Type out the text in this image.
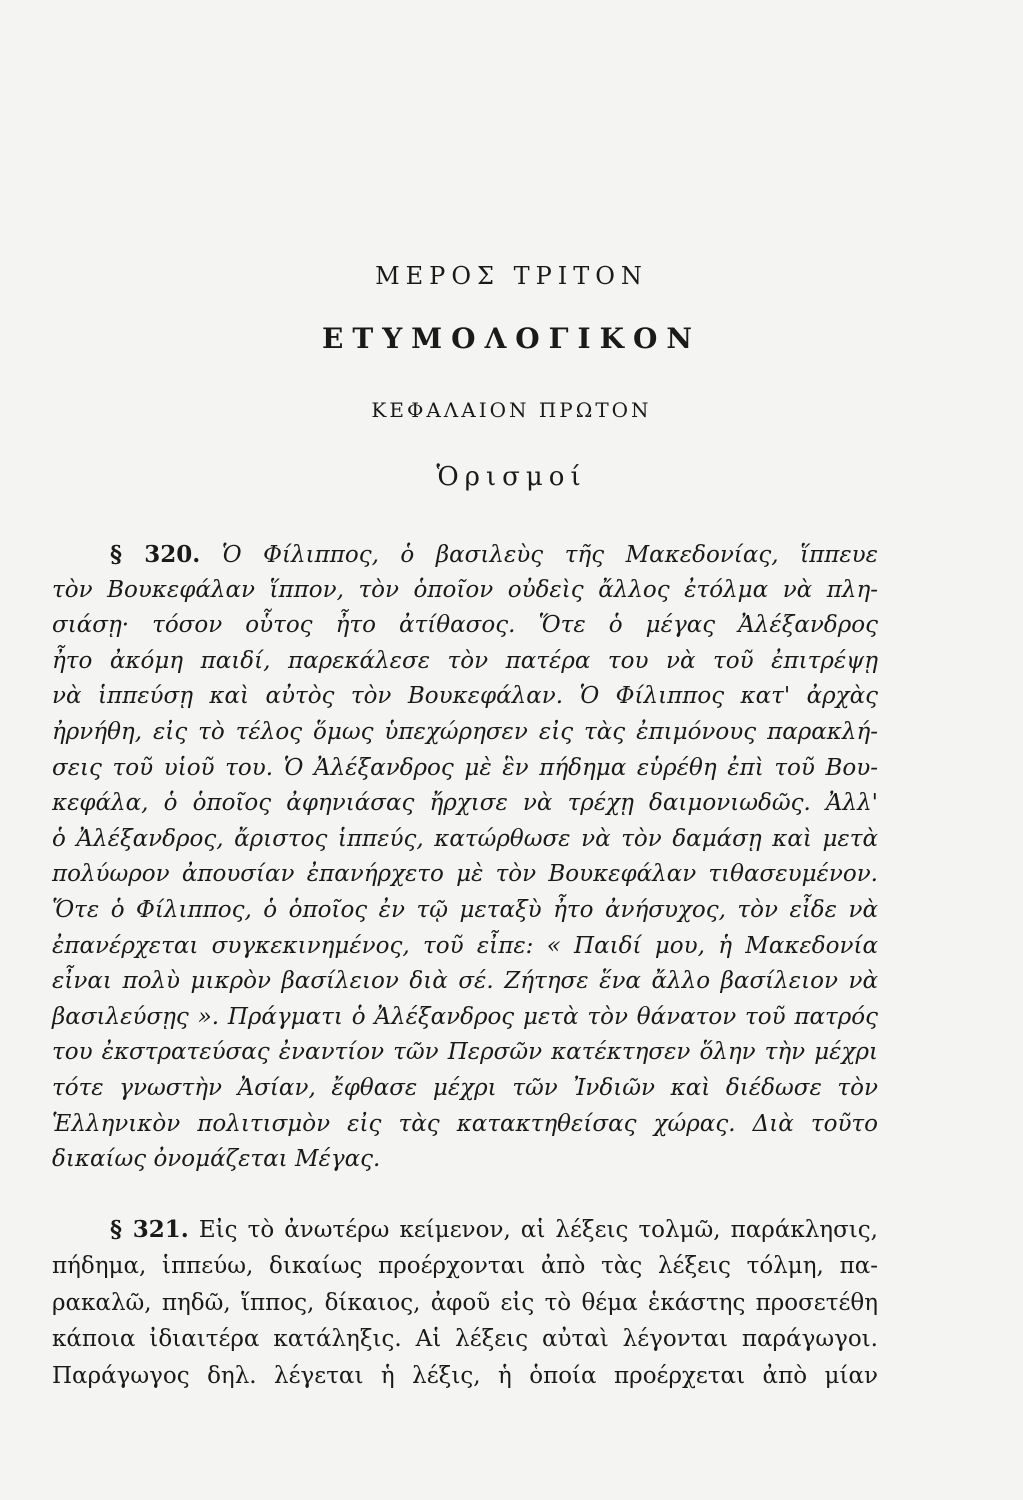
ΜΕΡΟΣ ΤΡΙΤΟΝ
ΕΤΥΜΟΛΟΓΙΚΟΝ
ΚΕΦΑΛΑΙΟΝ ΠΡΩΤΟΝ
Ὁρισμοί
§ 320. Ὁ Φίλιππος, ὁ βασιλεὺς τῆς Μακεδονίας, ἵππευε
τὸν Βουκεφάλαν ἵππον, τὸν ὁποῖον οὐδεὶς ἄλλος ἐτόλμα νὰ πλη-
σιάσῃ· τόσον οὗτος ἦτο ἀτίθασος. Ὅτε ὁ μέγας Ἀλέξανδρος
ἦτο ἀκόμη παιδί, παρεκάλεσε τὸν πατέρα του νὰ τοῦ ἐπιτρέψῃ
νὰ ἱππεύσῃ καὶ αὐτὸς τὸν Βουκεφάλαν. Ὁ Φίλιππος κατ' ἀρχὰς
ἠρνήθη, εἰς τὸ τέλος ὅμως ὑπεχώρησεν εἰς τὰς ἐπιμόνους παρακλή-
σεις τοῦ υἱοῦ του. Ὁ Ἀλέξανδρος μὲ ἓν πήδημα εὑρέθη ἐπὶ τοῦ Βου-
κεφάλα, ὁ ὁποῖος ἀφηνιάσας ἤρχισε νὰ τρέχῃ δαιμονιωδῶς. Ἀλλ'
ὁ Ἀλέξανδρος, ἄριστος ἱππεύς, κατώρθωσε νὰ τὸν δαμάσῃ καὶ μετὰ
πολύωρον ἀπουσίαν ἐπανήρχετο μὲ τὸν Βουκεφάλαν τιθασευμένον.
Ὅτε ὁ Φίλιππος, ὁ ὁποῖος ἐν τῷ μεταξὺ ἦτο ἀνήσυχος, τὸν εἶδε νὰ
ἐπανέρχεται συγκεκινημένος, τοῦ εἶπε: « Παιδί μου, ἡ Μακεδονία
εἶναι πολὺ μικρὸν βασίλειον διὰ σέ. Ζήτησε ἕνα ἄλλο βασίλειον νὰ
βασιλεύσῃς ». Πράγματι ὁ Ἀλέξανδρος μετὰ τὸν θάνατον τοῦ πατρός
του ἐκστρατεύσας ἐναντίον τῶν Περσῶν κατέκτησεν ὅλην τὴν μέχρι
τότε γνωστὴν Ἀσίαν, ἔφθασε μέχρι τῶν Ἰνδιῶν καὶ διέδωσε τὸν
Ἑλληνικὸν πολιτισμὸν εἰς τὰς κατακτηθείσας χώρας. Διὰ τοῦτο
δικαίως ὀνομάζεται Μέγας.
§ 321. Εἰς τὸ ἀνωτέρω κείμενον, αἱ λέξεις τολμῶ, παράκλησις,
πήδημα, ἱππεύω, δικαίως προέρχονται ἀπὸ τὰς λέξεις τόλμη, πα-
ρακαλῶ, πηδῶ, ἵππος, δίκαιος, ἀφοῦ εἰς τὸ θέμα ἑκάστης προσετέθη
κάποια ἰδιαιτέρα κατάληξις. Αἱ λέξεις αὐταὶ λέγονται παράγωγοι.
Παράγωγος δηλ. λέγεται ἡ λέξις, ἡ ὁποία προέρχεται ἀπὸ μίαν
